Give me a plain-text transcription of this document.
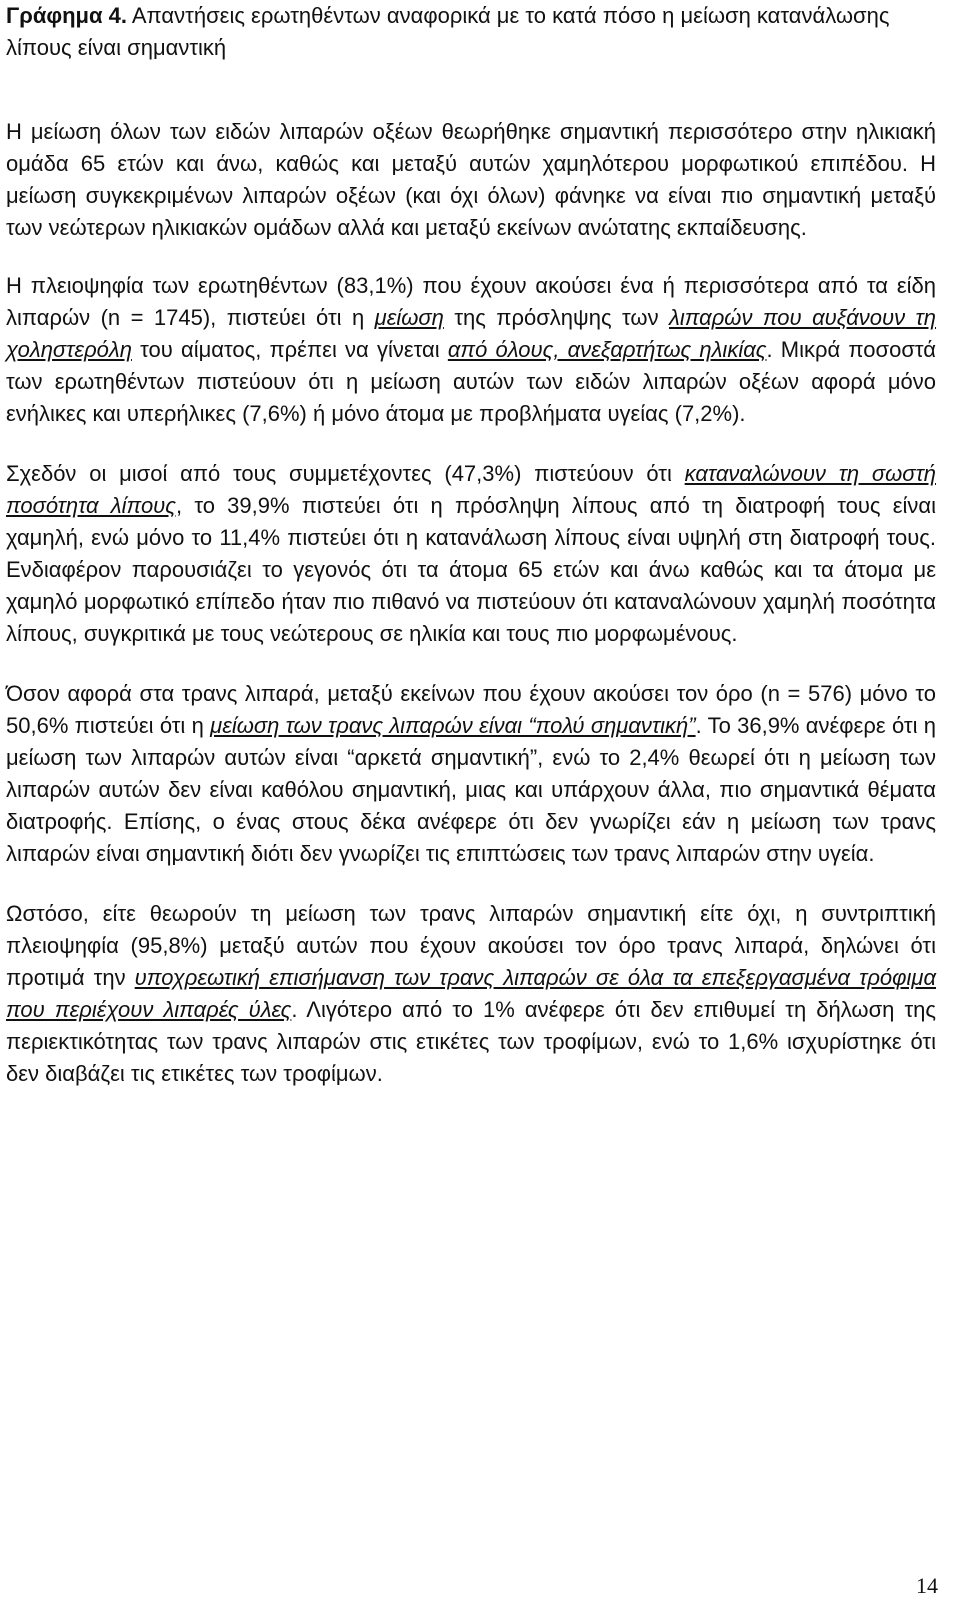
Γράφημα 4. Απαντήσεις ερωτηθέντων αναφορικά με το κατά πόσο η μείωση κατανάλωσης λίπους είναι σημαντική

Η μείωση όλων των ειδών λιπαρών οξέων θεωρήθηκε σημαντική περισσότερο στην ηλικιακή ομάδα 65 ετών και άνω, καθώς και μεταξύ αυτών χαμηλότερου μορφωτικού επιπέδου. Η μείωση συγκεκριμένων λιπαρών οξέων (και όχι όλων) φάνηκε να είναι πιο σημαντική μεταξύ των νεώτερων ηλικιακών ομάδων αλλά και μεταξύ εκείνων ανώτατης εκπαίδευσης.

Η πλειοψηφία των ερωτηθέντων (83,1%) που έχουν ακούσει ένα ή περισσότερα από τα είδη λιπαρών (n = 1745), πιστεύει ότι η μείωση της πρόσληψης των λιπαρών που αυξάνουν τη χοληστερόλη του αίματος, πρέπει να γίνεται από όλους, ανεξαρτήτως ηλικίας. Μικρά ποσοστά των ερωτηθέντων πιστεύουν ότι η μείωση αυτών των ειδών λιπαρών οξέων αφορά μόνο ενήλικες και υπερήλικες (7,6%) ή μόνο άτομα με προβλήματα υγείας (7,2%).

Σχεδόν οι μισοί από τους συμμετέχοντες (47,3%) πιστεύουν ότι καταναλώνουν τη σωστή ποσότητα λίπους, το 39,9% πιστεύει ότι η πρόσληψη λίπους από τη διατροφή τους είναι χαμηλή, ενώ μόνο το 11,4% πιστεύει ότι η κατανάλωση λίπους είναι υψηλή στη διατροφή τους. Ενδιαφέρον παρουσιάζει το γεγονός ότι τα άτομα 65 ετών και άνω καθώς και τα άτομα με χαμηλό μορφωτικό επίπεδο ήταν πιο πιθανό να πιστεύουν ότι καταναλώνουν χαμηλή ποσότητα λίπους, συγκριτικά με τους νεώτερους σε ηλικία και τους πιο μορφωμένους.

Όσον αφορά στα τρανς λιπαρά, μεταξύ εκείνων που έχουν ακούσει τον όρο (n = 576) μόνο το 50,6% πιστεύει ότι η μείωση των τρανς λιπαρών είναι “πολύ σημαντική”. Το 36,9% ανέφερε ότι η μείωση των λιπαρών αυτών είναι “αρκετά σημαντική”, ενώ το 2,4% θεωρεί ότι η μείωση των λιπαρών αυτών δεν είναι καθόλου σημαντική, μιας και υπάρχουν άλλα, πιο σημαντικά θέματα διατροφής. Επίσης, ο ένας στους δέκα ανέφερε ότι δεν γνωρίζει εάν η μείωση των τρανς λιπαρών είναι σημαντική διότι δεν γνωρίζει τις επιπτώσεις των τρανς λιπαρών στην υγεία.

Ωστόσο, είτε θεωρούν τη μείωση των τρανς λιπαρών σημαντική είτε όχι, η συντριπτική πλειοψηφία (95,8%) μεταξύ αυτών που έχουν ακούσει τον όρο τρανς λιπαρά, δηλώνει ότι προτιμά την υποχρεωτική επισήμανση των τρανς λιπαρών σε όλα τα επεξεργασμένα τρόφιμα που περιέχουν λιπαρές ύλες. Λιγότερο από το 1% ανέφερε ότι δεν επιθυμεί τη δήλωση της περιεκτικότητας των τρανς λιπαρών στις ετικέτες των τροφίμων, ενώ το 1,6% ισχυρίστηκε ότι δεν διαβάζει τις ετικέτες των τροφίμων.

14
